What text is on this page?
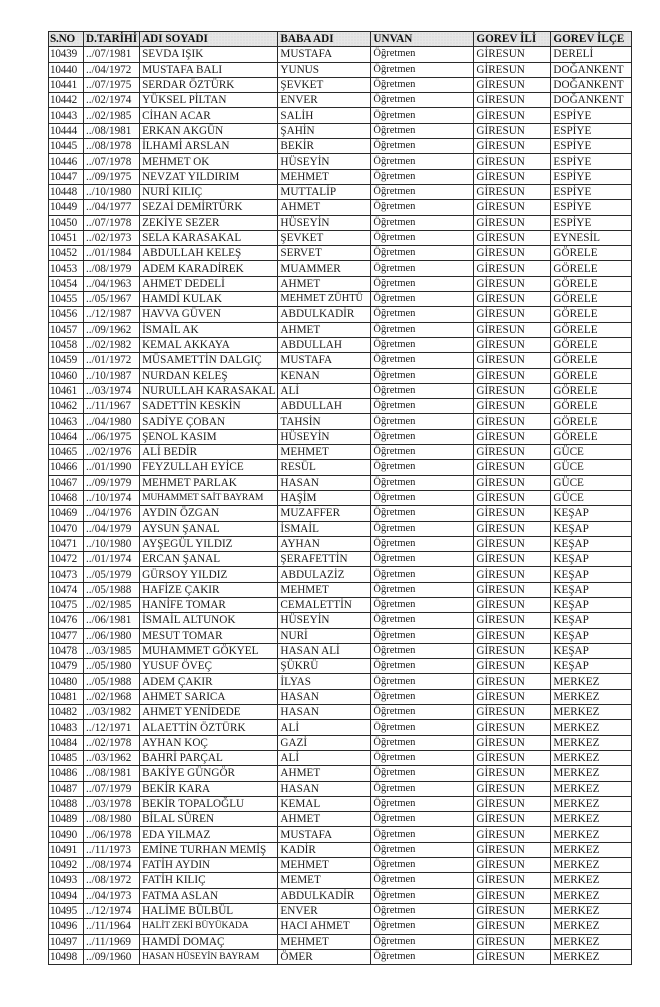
S.NO	D.TARİHİ	ADI SOYADI	BABA ADI	UNVAN	GOREV İLİ	GOREV İLÇE
10439	../07/1981	SEVDA IŞIK	MUSTAFA	Öğretmen	GİRESUN	DERELİ
10440	../04/1972	MUSTAFA BALI	YUNUS	Öğretmen	GİRESUN	DOĞANKENT
10441	../07/1975	SERDAR ÖZTÜRK	ŞEVKET	Öğretmen	GİRESUN	DOĞANKENT
10442	../02/1974	YÜKSEL PİLTAN	ENVER	Öğretmen	GİRESUN	DOĞANKENT
10443	../02/1985	CİHAN ACAR	SALİH	Öğretmen	GİRESUN	ESPİYE
10444	../08/1981	ERKAN AKGÜN	ŞAHİN	Öğretmen	GİRESUN	ESPİYE
10445	../08/1978	İLHAMİ ARSLAN	BEKİR	Öğretmen	GİRESUN	ESPİYE
10446	../07/1978	MEHMET OK	HÜSEYİN	Öğretmen	GİRESUN	ESPİYE
10447	../09/1975	NEVZAT YILDIRIM	MEHMET	Öğretmen	GİRESUN	ESPİYE
10448	../10/1980	NURİ KILIÇ	MUTTALİP	Öğretmen	GİRESUN	ESPİYE
10449	../04/1977	SEZAİ DEMİRTÜRK	AHMET	Öğretmen	GİRESUN	ESPİYE
10450	../07/1978	ZEKİYE SEZER	HÜSEYİN	Öğretmen	GİRESUN	ESPİYE
10451	../02/1973	SELA KARASAKAL	ŞEVKET	Öğretmen	GİRESUN	EYNESİL
10452	../01/1984	ABDULLAH KELEŞ	SERVET	Öğretmen	GİRESUN	GÖRELE
10453	../08/1979	ADEM KARADİREK	MUAMMER	Öğretmen	GİRESUN	GÖRELE
10454	../04/1963	AHMET DEDELİ	AHMET	Öğretmen	GİRESUN	GÖRELE
10455	../05/1967	HAMDİ KULAK	MEHMET ZÜHTÜ	Öğretmen	GİRESUN	GÖRELE
10456	../12/1987	HAVVA GÜVEN	ABDULKADİR	Öğretmen	GİRESUN	GÖRELE
10457	../09/1962	İSMAİL AK	AHMET	Öğretmen	GİRESUN	GÖRELE
10458	../02/1982	KEMAL AKKAYA	ABDULLAH	Öğretmen	GİRESUN	GÖRELE
10459	../01/1972	MÜSAMETTİN DALGIÇ	MUSTAFA	Öğretmen	GİRESUN	GÖRELE
10460	../10/1987	NURDAN KELEŞ	KENAN	Öğretmen	GİRESUN	GÖRELE
10461	../03/1974	NURULLAH KARASAKAL	ALİ	Öğretmen	GİRESUN	GÖRELE
10462	../11/1967	SADETTİN KESKİN	ABDULLAH	Öğretmen	GİRESUN	GÖRELE
10463	../04/1980	SADİYE ÇOBAN	TAHSİN	Öğretmen	GİRESUN	GÖRELE
10464	../06/1975	ŞENOL KASIM	HÜSEYİN	Öğretmen	GİRESUN	GÖRELE
10465	../02/1976	ALİ BEDİR	MEHMET	Öğretmen	GİRESUN	GÜCE
10466	../01/1990	FEYZULLAH EYİCE	RESÜL	Öğretmen	GİRESUN	GÜCE
10467	../09/1979	MEHMET PARLAK	HASAN	Öğretmen	GİRESUN	GÜCE
10468	../10/1974	MUHAMMET SAİT BAYRAM	HAŞİM	Öğretmen	GİRESUN	GÜCE
10469	../04/1976	AYDIN ÖZGAN	MUZAFFER	Öğretmen	GİRESUN	KEŞAP
10470	../04/1979	AYSUN ŞANAL	İSMAİL	Öğretmen	GİRESUN	KEŞAP
10471	../10/1980	AYŞEGÜL YILDIZ	AYHAN	Öğretmen	GİRESUN	KEŞAP
10472	../01/1974	ERCAN ŞANAL	ŞERAFETTİN	Öğretmen	GİRESUN	KEŞAP
10473	../05/1979	GÜRSOY YILDIZ	ABDULAZİZ	Öğretmen	GİRESUN	KEŞAP
10474	../05/1988	HAFİZE ÇAKIR	MEHMET	Öğretmen	GİRESUN	KEŞAP
10475	../02/1985	HANİFE TOMAR	CEMALETTİN	Öğretmen	GİRESUN	KEŞAP
10476	../06/1981	İSMAİL ALTUNOK	HÜSEYİN	Öğretmen	GİRESUN	KEŞAP
10477	../06/1980	MESUT TOMAR	NURİ	Öğretmen	GİRESUN	KEŞAP
10478	../03/1985	MUHAMMET GÖKYEL	HASAN ALİ	Öğretmen	GİRESUN	KEŞAP
10479	../05/1980	YUSUF ÖVEÇ	ŞÜKRÜ	Öğretmen	GİRESUN	KEŞAP
10480	../05/1988	ADEM ÇAKIR	İLYAS	Öğretmen	GİRESUN	MERKEZ
10481	../02/1968	AHMET SARICA	HASAN	Öğretmen	GİRESUN	MERKEZ
10482	../03/1982	AHMET YENİDEDE	HASAN	Öğretmen	GİRESUN	MERKEZ
10483	../12/1971	ALAETTİN ÖZTÜRK	ALİ	Öğretmen	GİRESUN	MERKEZ
10484	../02/1978	AYHAN KOÇ	GAZİ	Öğretmen	GİRESUN	MERKEZ
10485	../03/1962	BAHRİ PARÇAL	ALİ	Öğretmen	GİRESUN	MERKEZ
10486	../08/1981	BAKİYE GÜNGÖR	AHMET	Öğretmen	GİRESUN	MERKEZ
10487	../07/1979	BEKİR KARA	HASAN	Öğretmen	GİRESUN	MERKEZ
10488	../03/1978	BEKİR TOPALOĞLU	KEMAL	Öğretmen	GİRESUN	MERKEZ
10489	../08/1980	BİLAL SÜREN	AHMET	Öğretmen	GİRESUN	MERKEZ
10490	../06/1978	EDA YILMAZ	MUSTAFA	Öğretmen	GİRESUN	MERKEZ
10491	../11/1973	EMİNE TURHAN MEMİŞ	KADİR	Öğretmen	GİRESUN	MERKEZ
10492	../08/1974	FATİH AYDIN	MEHMET	Öğretmen	GİRESUN	MERKEZ
10493	../08/1972	FATİH KILIÇ	MEMET	Öğretmen	GİRESUN	MERKEZ
10494	../04/1973	FATMA ASLAN	ABDULKADİR	Öğretmen	GİRESUN	MERKEZ
10495	../12/1974	HALİME BÜLBÜL	ENVER	Öğretmen	GİRESUN	MERKEZ
10496	../11/1964	HALİT ZEKİ BÜYÜKADA	HACI AHMET	Öğretmen	GİRESUN	MERKEZ
10497	../11/1969	HAMDİ DOMAÇ	MEHMET	Öğretmen	GİRESUN	MERKEZ
10498	../09/1960	HASAN HÜSEYİN BAYRAM	ÖMER	Öğretmen	GİRESUN	MERKEZ
